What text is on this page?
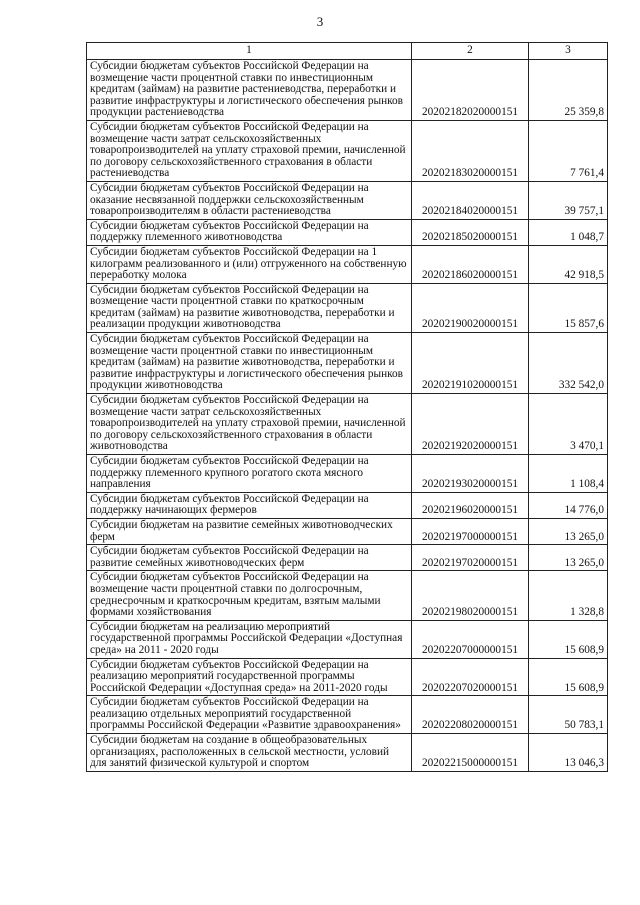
3
1	2	3
Субсидии бюджетам субъектов Российской Федерации на возмещение части процентной ставки по инвестиционным кредитам (займам) на развитие растениеводства, переработки и развитие инфраструктуры и логистического обеспечения рынков продукции растениеводства	20202182020000151	25 359,8
Субсидии бюджетам субъектов Российской Федерации на возмещение части затрат сельскохозяйственных товаропроизводителей на уплату страховой премии, начисленной по договору сельскохозяйственного страхования в области растениеводства	20202183020000151	7 761,4
Субсидии бюджетам субъектов Российской Федерации на оказание несвязанной поддержки сельскохозяйственным товаропроизводителям в области растениеводства	20202184020000151	39 757,1
Субсидии бюджетам субъектов Российской Федерации на поддержку племенного животноводства	20202185020000151	1 048,7
Субсидии бюджетам субъектов Российской Федерации на 1 килограмм реализованного и (или) отгруженного на собственную переработку молока	20202186020000151	42 918,5
Субсидии бюджетам субъектов Российской Федерации на возмещение части процентной ставки по краткосрочным кредитам (займам) на развитие животноводства, переработки и реализации продукции животноводства	20202190020000151	15 857,6
Субсидии бюджетам субъектов Российской Федерации на возмещение части процентной ставки по инвестиционным кредитам (займам) на развитие животноводства, переработки и развитие инфраструктуры и логистического обеспечения рынков продукции животноводства	20202191020000151	332 542,0
Субсидии бюджетам субъектов Российской Федерации на возмещение части затрат сельскохозяйственных товаропроизводителей на уплату страховой премии, начисленной по договору сельскохозяйственного страхования в области животноводства	20202192020000151	3 470,1
Субсидии бюджетам субъектов Российской Федерации на поддержку племенного крупного рогатого скота мясного направления	20202193020000151	1 108,4
Субсидии бюджетам субъектов Российской Федерации на поддержку начинающих фермеров	20202196020000151	14 776,0
Субсидии бюджетам на развитие семейных животноводческих ферм	20202197000000151	13 265,0
Субсидии бюджетам субъектов Российской Федерации на развитие семейных животноводческих ферм	20202197020000151	13 265,0
Субсидии бюджетам субъектов Российской Федерации на возмещение части процентной ставки по долгосрочным, среднесрочным и краткосрочным кредитам, взятым малыми формами хозяйствования	20202198020000151	1 328,8
Субсидии бюджетам на реализацию мероприятий государственной программы Российской Федерации «Доступная среда» на 2011 - 2020 годы	20202207000000151	15 608,9
Субсидии бюджетам субъектов Российской Федерации на реализацию мероприятий государственной программы Российской Федерации «Доступная среда» на 2011-2020 годы	20202207020000151	15 608,9
Субсидии бюджетам субъектов Российской Федерации на реализацию отдельных мероприятий государственной программы Российской Федерации «Развитие здравоохранения»	20202208020000151	50 783,1
Субсидии бюджетам на создание в общеобразовательных организациях, расположенных в сельской местности, условий для занятий физической культурой и спортом	20202215000000151	13 046,3
